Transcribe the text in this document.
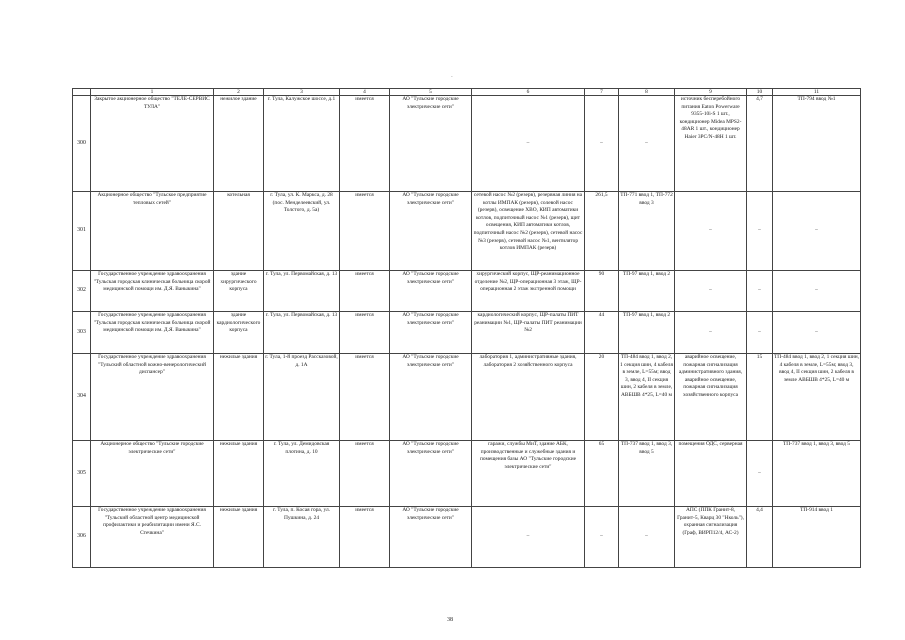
-
	1	2	3	4	5	6	7	8	9	10	11
300	Закрытое акционерное общество "ТЕЛЕ-СЕРВИС ТУЛА"	нежилое здание	г. Тула, Калужское шоссе, д.1	имеется	АО "Тульские городские электрические сети"	–	–	–	источник бесперебойного питания Eaton Powerware 9355-10i-S 1 шт., кондиционер Midea MPS2-48AR 1 шт., кондиционер Haier 3PC/N-48H 1 шт.	4,7	ТП-794 ввод №1
301	Акционерное общество "Тульское предприятие тепловых сетей"	котельная	г. Тула, ул. К. Маркса, д. 28 (пос. Менделеевский, ул. Толстого, д. 5а)	имеется	АО "Тульские городские электрические сети"	сетевой насос №2 (резерв), резервная линия на котлы ИМПАК (резерв), солевой насос (резерв), освещение ХВО, КИП автоматики котлов, подпиточный насос №1 (резерв), щит освещения, КИП автоматики котлов, подпиточный насос №2 (резерв), сетевой насос №3 (резерв), сетевой насос №1, вентилятор котлов ИМПАК (резерв)	261,5	ТП-771 ввод 1, ТП-772 ввод 3	–	–	–
302	Государственное учреждение здравоохранения "Тульская городская клиническая больница скорой медицинской помощи им. Д.Я. Ваныкина"	здание хирургического корпуса	г. Тула, ул. Первомайская, д. 13	имеется	АО "Тульские городские электрические сети"	хирургический корпус, ЩР-реанимационное отделение №2, ЩР-операционная 3 этаж, ЩР-операционная 2 этаж экстренной помощи	90	ТП-97 ввод 1, ввод 2	–	–	–
303	Государственное учреждение здравоохранения "Тульская городская клиническая больница скорой медицинской помощи им. Д.Я. Ваныкина"	здание кардиологического корпуса	г. Тула, ул. Первомайская, д. 13	имеется	АО "Тульские городские электрические сети"	кардиологический корпус, ЩР-палаты ПИТ реанимации №1, ЩР-палаты ПИТ реанимации №2	44	ТП-97 ввод 1, ввод 2	–	–	–
304	Государственное учреждение здравоохранения "Тульский областной кожно-венерологический диспансер"	нежилые здания	г. Тула, 1-й проезд Рассказовой, д. 1А	имеется	АО "Тульские городские электрические сети"	лаборатория 1, административные здания, лаборатория 2 хозяйственного корпуса	20	ТП-484 ввод 1, ввод 2, 1 секция шин, 4 кабеля в земле, L=55м; ввод 3, ввод 4, II секция шин, 2 кабеля в земле, АВБШВ 4*25, L=40 м	аварийное освещение, пожарная сигнализация административного здания, аварийное освещение, пожарная сигнализация хозяйственного корпуса	15	ТП-484 ввод 1, ввод 2, 1 секция шин, 4 кабеля в земле, L=55м; ввод 3, ввод 4, II секция шин, 2 кабеля в земле АВБШВ 4*25, L=40 м
305	Акционерное общество "Тульские городские электрические сети"	нежилые здания	г. Тула, ул. Демидовская плотина, д. 10	имеется	АО "Тульские городские электрические сети"	гаражи, службы МиТ, здание АБК, производственные и служебные здания и помещения базы АО "Тульские городские электрические сети"	65	ТП-737 ввод 1, ввод 3, ввод 5	помещения ОДС, серверная	–	ТП-737 ввод 1, ввод 3, ввод 5
306	Государственное учреждение здравоохранения "Тульский областной центр медицинской профилактики и реабилитации имени Я.С. Стечкина"	нежилые здания	г. Тула, п. Косая гора, ул. Пушкина, д. 24	имеется	АО "Тульские городские электрические сети"	–	–	–	АПС (ППК Гранит-8, Гранит-5, Кварц 30 "Нколь"), охранная сигнализация (Граф, ВИРП12/4, АС-2)	4,4	ТП-914 ввод 1
38
